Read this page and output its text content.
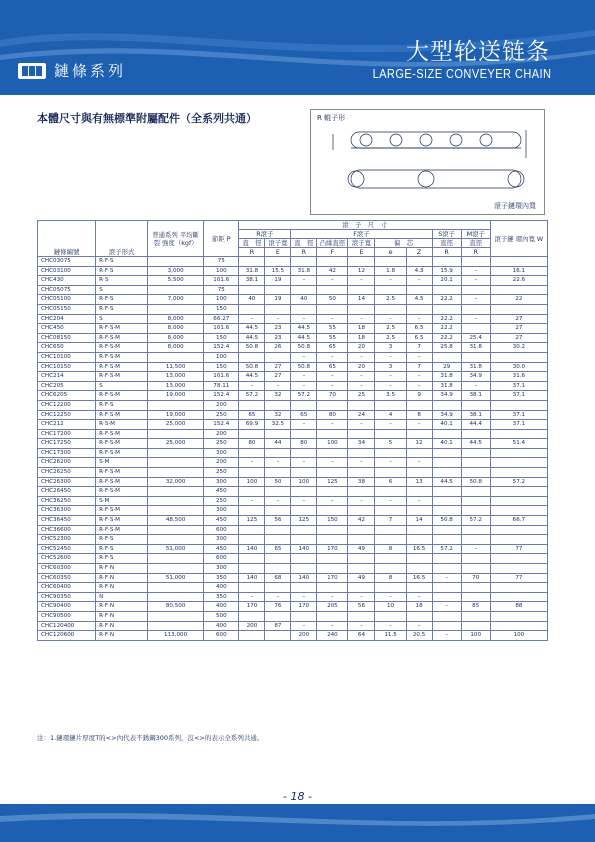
鏈條系列
大型轮送链条
LARGE-SIZE CONVEYER CHAIN
本體尺寸與有無標準附屬配件（全系列共通）	R 輥子形
滾子鏈環內寬
鏈條編號	滾子形式	普通系列 平均斷裂 強度（kgf）	節距 P	滾　子　尺　寸									滾子鏈 環內寬 W
				R滾子		F滾子					S滾子	M滾子	
				直　徑	滾子寬	直　徑	凸緣直徑	滾子寬	偏　芯		直徑	直徑	
				R	E	R	F	E	e	Z	R	R	
CHC03075	R·F·S		75										
CHC03100	R·F·S	3,000	100	31.8	15.5	31.8	42	12	1.8	4.3	15.9	–	16.1
CHC430	R·S	5,500	101.6	38.1	19	–	–	–	–	–	20.1	–	22.6
CHC05075	S		75										
CHC05100	R·F·S	7,000	100	40	19	40	50	14	2.5	4.5	22.2	–	22
CHC05150	R·F·S		150										
CHC204	S	8,000	66.27	–	–	–	–	–	–	–	22.2	–	27
CHC450	R·F·S·M	8,000	101.6	44.5	23	44.5	55	18	2.5	6.5	22.2		27
CHC08150	R·F·S·M	8,000	150	44.5	23	44.5	55	18	2.5	6.5	22.2	25.4	27
CHC650	R·F·S·M	8,000	152.4	50.8	26	50.8	65	20	3	7	25.8	31.8	30.2
CHC10100	R·F·S·M		100			–	–	–	–	–			
CHC10150	R·F·S·M	11,500	150	50.8	27	50.8	65	20	3	7	29	31.8	30.0
CHC214	R·F·S·M	13,000	101.6	44.5	27	–	–	–	–	–	31.8	34.9	31.6
CHC205	S	13,000	78.11	–	–	–	–	–	–	–	31.8	–	37.1
CHC6205	R·F·S·M	19,000	152.4	57.2	32	57.2	70	25	3.5	9	34.9	38.1	37.1
CHC12200	R·F·S		200										
CHC12250	R·F·S·M	19,000	250	65	32	65	80	24	4	8	34.9	38.1	37.1
CHC212	R·S·M	25,000	152.4	69.9	32.5	–	–	–	–	–	40.1	44.4	37.1
CHC17200	R·F·S·M		200										
CHC17250	R·F·S·M	25,000	250	80	44	80	100	34	5	12	40.1	44.5	51.4
CHC17300	R·F·S·M		300										
CHC26200	S·M		200	–	–	–	–	–	–	–			
CHC26250	R·F·S·M		250										
CHC26300	R·F·S·M	32,000	300	100	50	100	125	38	6	13	44.5	50.8	57.2
CHC26450	R·F·S·M		450										
CHC36250	S·M		250	–	–	–	–	–	–	–			
CHC36300	R·F·S·M		300										
CHC36450	R·F·S·M	48,500	450	125	56	125	150	42	7	14	50.8	57.2	66.7
CHC36600	R·F·S·M		600										
CHC52300	R·F·S		300										
CHC52450	R·F·S	51,000	450	140	65	140	170	49	8	16.5	57.2	–	77
CHC52600	R·F·S		600										
CHC60300	R·F·N		300										
CHC60350	R·F·N	51,000	350	140	68	140	170	49	8	16.5	–	70	77
CHC60400	R·F·N		400										
CHC90350	N		350	–	–	–	–	–	–	–			
CHC90400	R·F·N	80,500	400	170	76	170	205	56	10	18	–	85	88
CHC90500	R·F·N		500										
CHC120400	R·F·N		400	200	87	–	–	–	–	–			
CHC120600	R·F·N	113,000	600			200	240	64	11.5	20.5	–	100	100
注：1.鏈環鏈片厚度T的<>內代表不銹鋼300系列，沒<>的表示全系列共通。
- 18 -
